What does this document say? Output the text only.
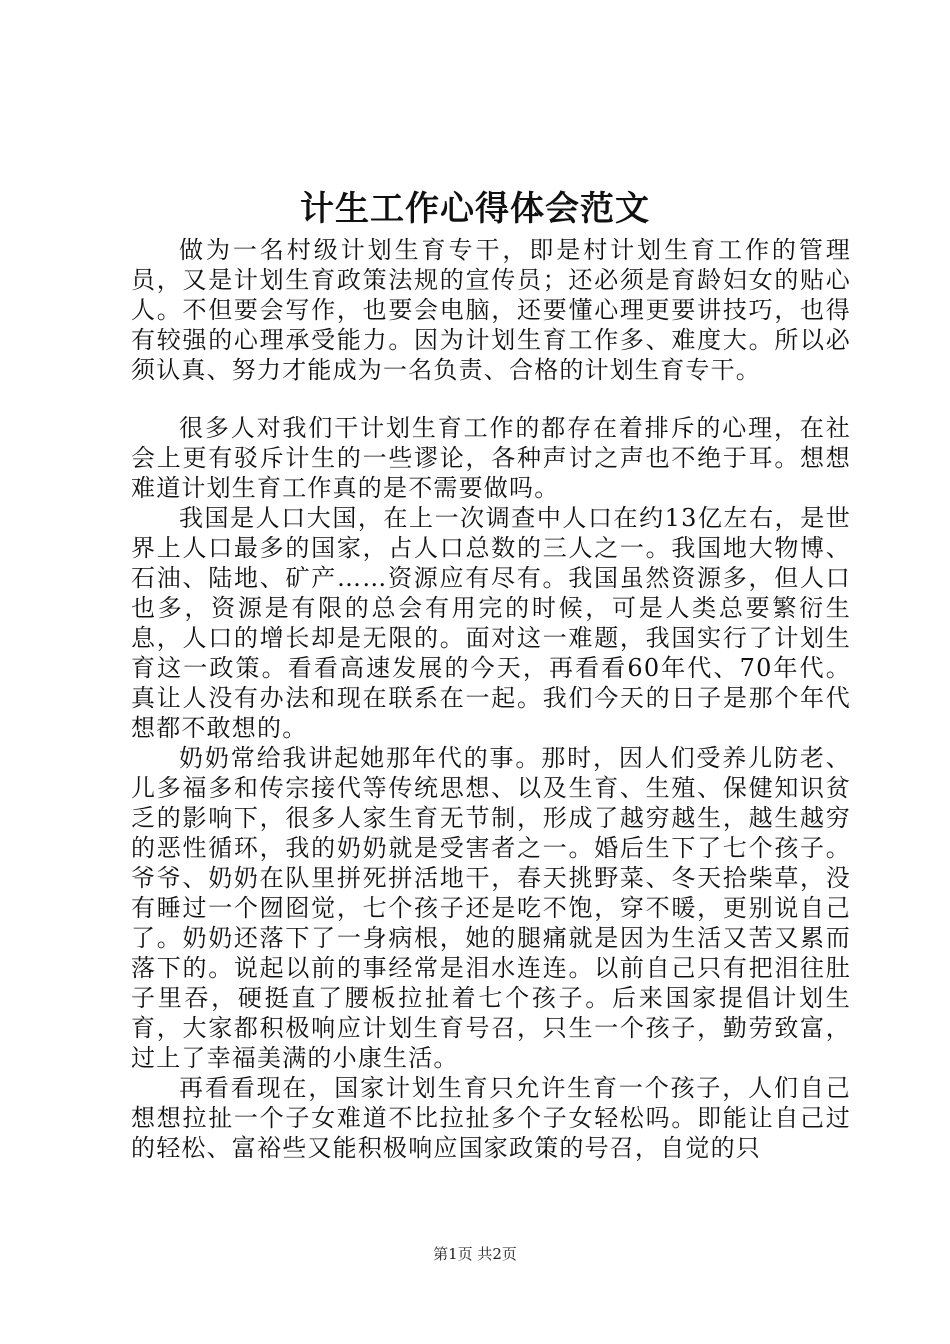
计生工作心得体会范文

做为一名村级计划生育专干，即是村计划生育工作的管理员，又是计划生育政策法规的宣传员；还必须是育龄妇女的贴心人。不但要会写作，也要会电脑，还要懂心理更要讲技巧，也得有较强的心理承受能力。因为计划生育工作多、难度大。所以必须认真、努力才能成为一名负责、合格的计划生育专干。

很多人对我们干计划生育工作的都存在着排斥的心理，在社会上更有驳斥计生的一些谬论，各种声讨之声也不绝于耳。想想难道计划生育工作真的是不需要做吗。

我国是人口大国，在上一次调查中人口在约13亿左右，是世界上人口最多的国家，占人口总数的三人之一。我国地大物博、石油、陆地、矿产……资源应有尽有。我国虽然资源多，但人口也多，资源是有限的总会有用完的时候，可是人类总要繁衍生息，人口的增长却是无限的。面对这一难题，我国实行了计划生育这一政策。看看高速发展的今天，再看看60年代、70年代。真让人没有办法和现在联系在一起。我们今天的日子是那个年代想都不敢想的。

奶奶常给我讲起她那年代的事。那时，因人们受养儿防老、儿多福多和传宗接代等传统思想、以及生育、生殖、保健知识贫乏的影响下，很多人家生育无节制，形成了越穷越生，越生越穷的恶性循环，我的奶奶就是受害者之一。婚后生下了七个孩子。爷爷、奶奶在队里拼死拼活地干，春天挑野菜、冬天拾柴草，没有睡过一个囫囵觉，七个孩子还是吃不饱，穿不暖，更别说自己了。奶奶还落下了一身病根，她的腿痛就是因为生活又苦又累而落下的。说起以前的事经常是泪水连连。以前自己只有把泪往肚子里吞，硬挺直了腰板拉扯着七个孩子。后来国家提倡计划生育，大家都积极响应计划生育号召，只生一个孩子，勤劳致富，过上了幸福美满的小康生活。

再看看现在，国家计划生育只允许生育一个孩子，人们自己想想拉扯一个子女难道不比拉扯多个子女轻松吗。即能让自己过的轻松、富裕些又能积极响应国家政策的号召，自觉的只

第1页 共2页
